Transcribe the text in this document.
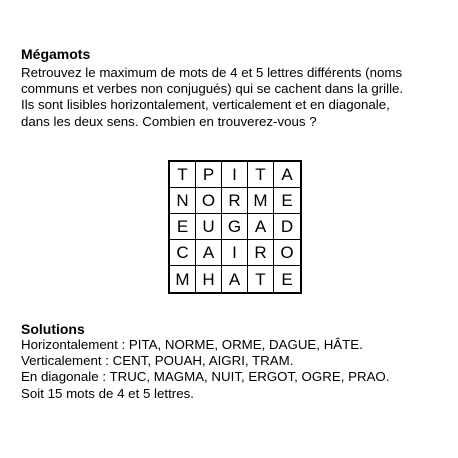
Mégamots

Retrouvez le maximum de mots de 4 et 5 lettres différents (noms
communs et verbes non conjugués) qui se cachent dans la grille.
Ils sont lisibles horizontalement, verticalement et en diagonale,
dans les deux sens. Combien en trouverez-vous ?

T P	I	T A
N O R M E
E U G A D
C A	I	R O
M H A T E
Solutions
Horizontalement : PITA, NORME, ORME, DAGUE, HÂTE.
Verticalement : CENT, POUAH, AIGRI, TRAM.
En diagonale : TRUC, MAGMA, NUIT, ERGOT, OGRE, PRAO.
Soit 15 mots de 4 et 5 lettres.
